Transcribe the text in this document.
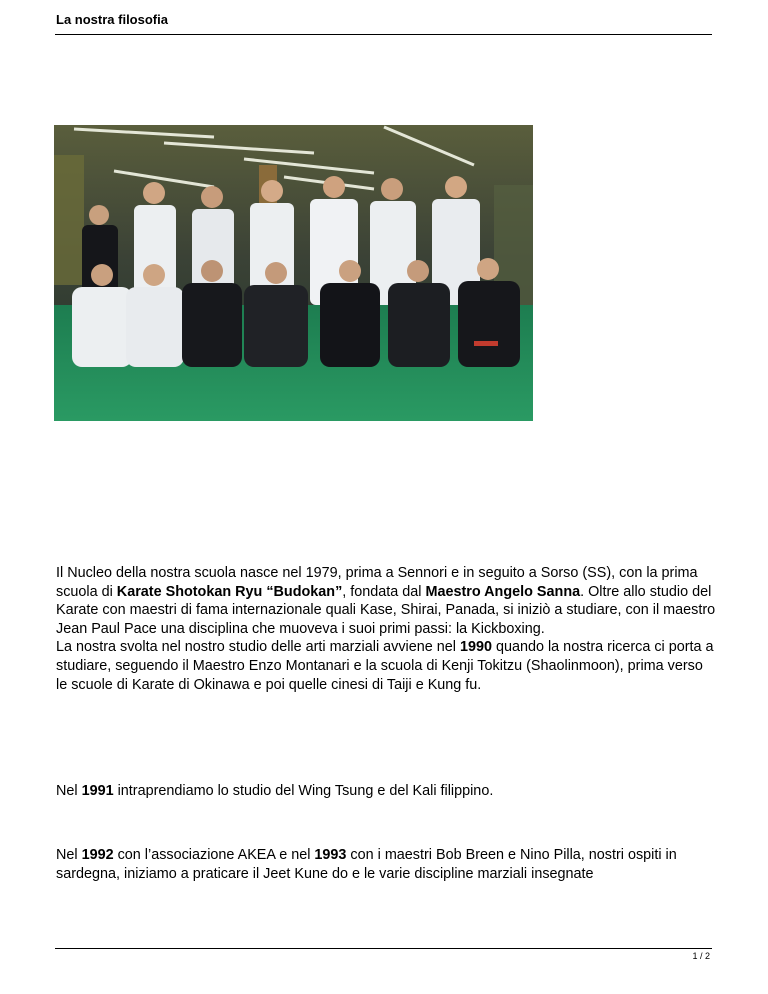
La nostra filosofia
Il Nucleo della nostra scuola nasce nel 1979, prima a Sennori e in seguito a Sorso (SS), con la prima scuola di Karate Shotokan Ryu “Budokan”, fondata dal Maestro Angelo Sanna. Oltre allo studio del Karate con maestri di fama internazionale quali Kase, Shirai, Panada, si iniziò a studiare, con il maestro Jean Paul Pace una disciplina che muoveva i suoi primi passi: la Kickboxing.
La nostra svolta nel nostro studio delle arti marziali avviene nel 1990 quando la nostra ricerca ci porta a studiare, seguendo il Maestro Enzo Montanari e la scuola di Kenji Tokitzu (Shaolinmoon), prima verso le scuole di Karate di Okinawa e poi quelle cinesi di Taiji e Kung fu.
Nel 1991 intraprendiamo lo studio del Wing Tsung e del Kali filippino.
Nel 1992 con l’associazione AKEA e nel 1993 con i maestri Bob Breen e Nino Pilla, nostri ospiti in sardegna, iniziamo a praticare il Jeet Kune do e le varie discipline marziali insegnate
1 / 2
